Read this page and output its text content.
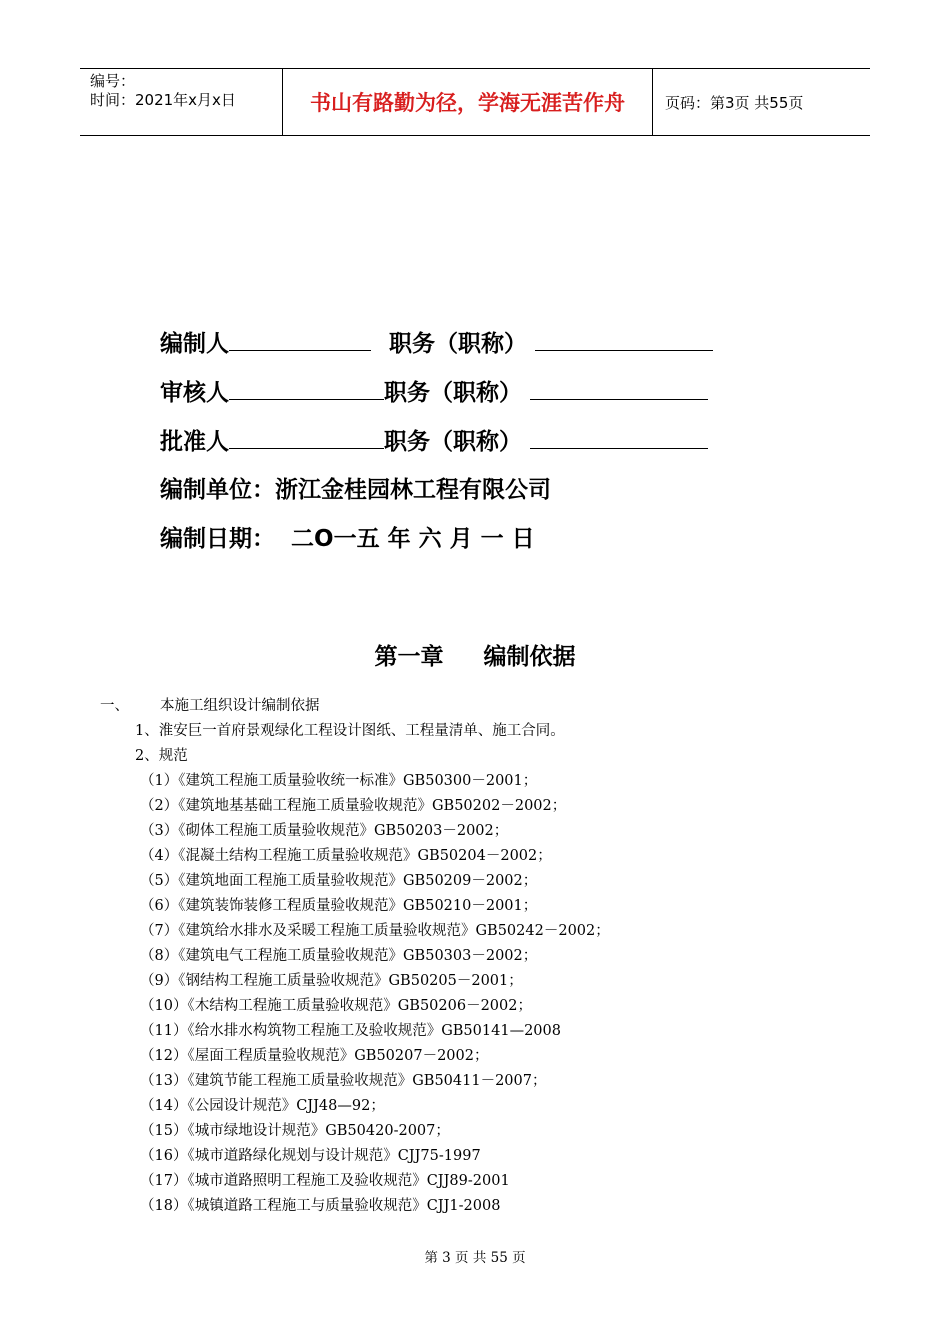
编号：
时间：2021年x月x日	书山有路勤为径，学海无涯苦作舟	页码：第3页 共55页
编制人	职务（职称）
审核人	职务（职称）
批准人	职务（职称）
编制单位：浙江金桂园林工程有限公司
编制日期：  二O一五 年 六 月 一 日
第一章 编制依据
一、 本施工组织设计编制依据
1、淮安巨一首府景观绿化工程设计图纸、工程量清单、施工合同。
2、规范
（1）《建筑工程施工质量验收统一标准》GB50300－2001；
（2）《建筑地基基础工程施工质量验收规范》GB50202－2002；
（3）《砌体工程施工质量验收规范》GB50203－2002；
（4）《混凝土结构工程施工质量验收规范》GB50204－2002；
（5）《建筑地面工程施工质量验收规范》GB50209－2002；
（6）《建筑装饰装修工程质量验收规范》GB50210－2001；
（7）《建筑给水排水及采暖工程施工质量验收规范》GB50242－2002；
（8）《建筑电气工程施工质量验收规范》GB50303－2002；
（9）《钢结构工程施工质量验收规范》GB50205－2001；
（10）《木结构工程施工质量验收规范》GB50206－2002；
（11）《给水排水构筑物工程施工及验收规范》GB50141—2008
（12）《屋面工程质量验收规范》GB50207－2002；
（13）《建筑节能工程施工质量验收规范》GB50411－2007；
（14）《公园设计规范》CJJ48—92；
（15）《城市绿地设计规范》GB50420-2007；
（16）《城市道路绿化规划与设计规范》CJJ75-1997
（17）《城市道路照明工程施工及验收规范》CJJ89-2001
（18）《城镇道路工程施工与质量验收规范》CJJ1-2008
第 3 页 共 55 页
